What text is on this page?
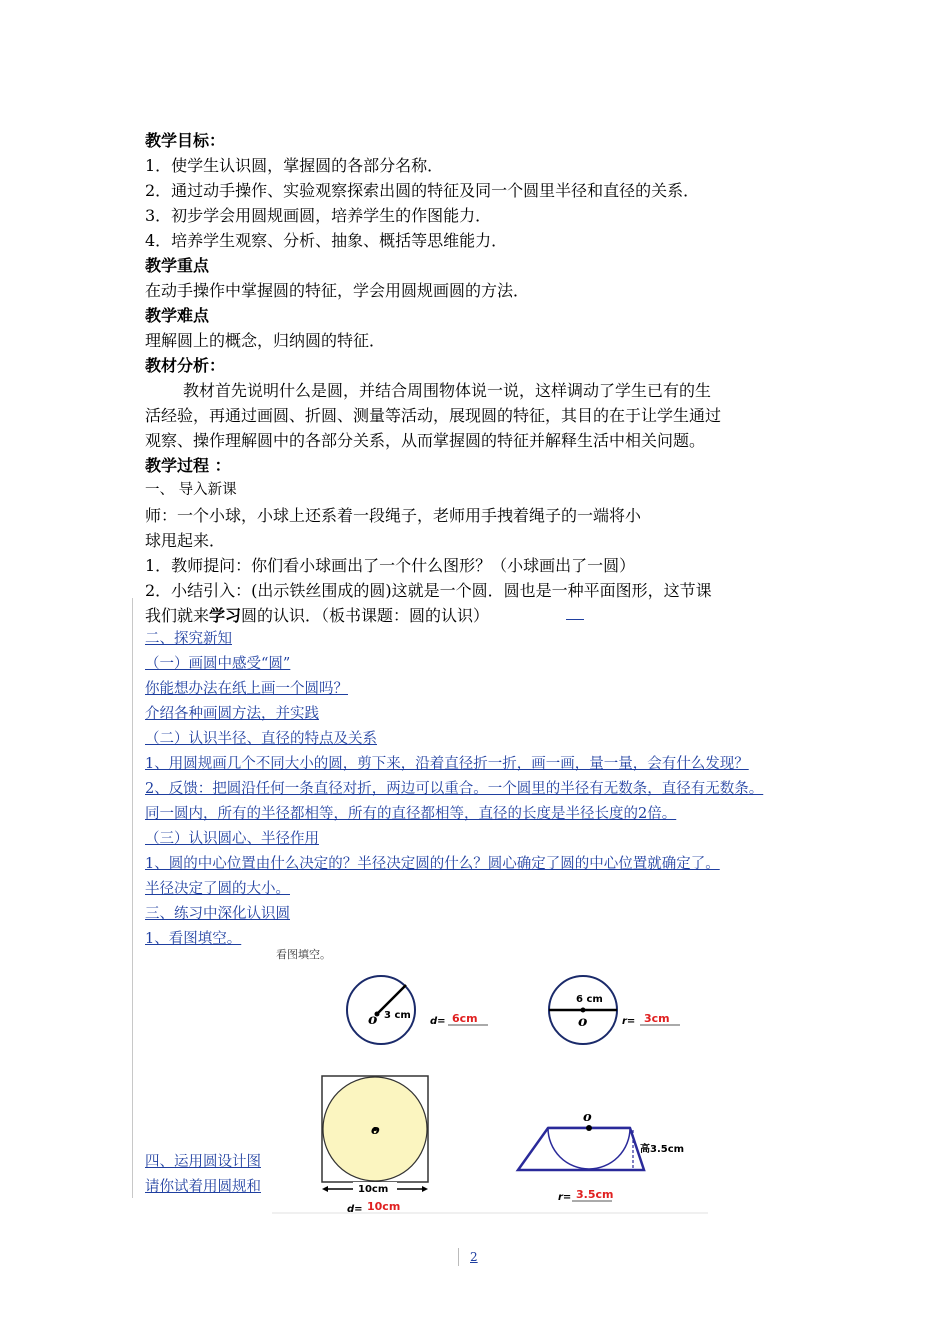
教学目标：
1．使学生认识圆，掌握圆的各部分名称．
2．通过动手操作、实验观察探索出圆的特征及同一个圆里半径和直径的关系．
3．初步学会用圆规画圆，培养学生的作图能力．
4．培养学生观察、分析、抽象、概括等思维能力．
教学重点
在动手操作中掌握圆的特征，学会用圆规画圆的方法．
教学难点
理解圆上的概念，归纳圆的特征．
教材分析：
教材首先说明什么是圆，并结合周围物体说一说，这样调动了学生已有的生
活经验，再通过画圆、折圆、测量等活动，展现圆的特征，其目的在于让学生通过
观察、操作理解圆中的各部分关系，从而掌握圆的特征并解释生活中相关问题。
教学过程 ：
一、 导入新课
师：一个小球，小球上还系着一段绳子，老师用手拽着绳子的一端将小
球甩起来．
1．教师提问：你们看小球画出了一个什么图形？（小球画出了一圆）
2．小结引入：(出示铁丝围成的圆)这就是一个圆．圆也是一种平面图形，这节课
我们就来学习圆的认识．（板书课题：圆的认识）
二、探究新知
（一）画圆中感受“圆”
你能想办法在纸上画一个圆吗？
介绍各种画圆方法，并实践
（二）认识半径、直径的特点及关系
1、用圆规画几个不同大小的圆，剪下来，沿着直径折一折，画一画，量一量，会有什么发现？
2、反馈：把圆沿任何一条直径对折，两边可以重合。一个圆里的半径有无数条，直径有无数条。
同一圆内，所有的半径都相等，所有的直径都相等，直径的长度是半径长度的2倍。
（三）认识圆心、半径作用
1、圆的中心位置由什么决定的？半径决定圆的什么？圆心确定了圆的中心位置就确定了。
半径决定了圆的大小。
三、练习中深化认识圆
1、看图填空。
四、运用圆设计图
请你试着用圆规和
看图填空。
o 3 cm
d= 6cm
6 cm
o	r= 3cm
o
10cm
d= 10cm
o
高3.5cm
r= 3.5cm
2
